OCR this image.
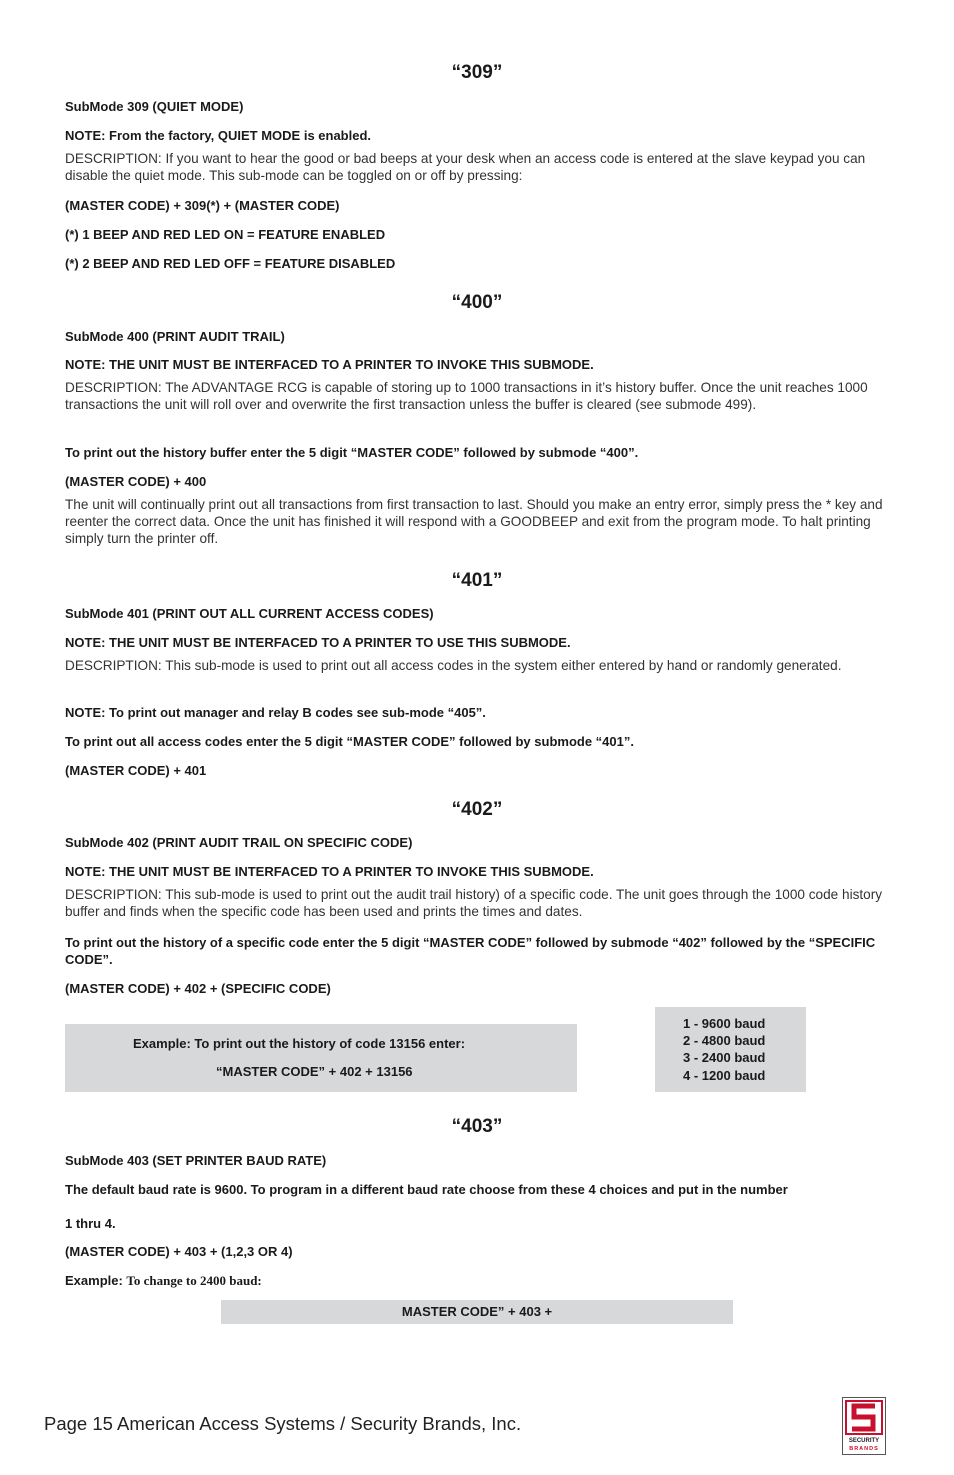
“309”

SubMode 309 (QUIET MODE)

NOTE: From the factory, QUIET MODE is enabled.

DESCRIPTION: If you want to hear the good or bad beeps at your desk when an access code is entered at the slave keypad you can disable the quiet mode. This sub-mode can be toggled on or off by pressing:

(MASTER CODE) + 309(*) + (MASTER CODE)

(*) 1 BEEP AND RED LED ON = FEATURE ENABLED

(*) 2 BEEP AND RED LED OFF = FEATURE DISABLED

“400”

SubMode 400 (PRINT AUDIT TRAIL)

NOTE: THE UNIT MUST BE INTERFACED TO A PRINTER TO INVOKE THIS SUBMODE.

DESCRIPTION: The ADVANTAGE RCG is capable of storing up to 1000 transactions in it’s history buffer. Once the unit reaches 1000 transactions the unit will roll over and overwrite the first transaction unless the buffer is cleared (see submode 499).

To print out the history buffer enter the 5 digit “MASTER CODE” followed by submode “400”.

(MASTER CODE) + 400

The unit will continually print out all transactions from first transaction to last. Should you make an entry error, simply press the * key and reenter the correct data. Once the unit has finished it will respond with a GOODBEEP and exit from the program mode. To halt printing simply turn the printer off.

“401”

SubMode 401 (PRINT OUT ALL CURRENT ACCESS CODES)

NOTE: THE UNIT MUST BE INTERFACED TO A PRINTER TO USE THIS SUBMODE.

DESCRIPTION: This sub-mode is used to print out all access codes in the system either entered by hand or randomly generated.

NOTE: To print out manager and relay B codes see sub-mode “405”.

To print out all access codes enter the 5 digit “MASTER CODE” followed by submode “401”.

(MASTER CODE) + 401

“402”

SubMode 402 (PRINT AUDIT TRAIL ON SPECIFIC CODE)

NOTE: THE UNIT MUST BE INTERFACED TO A PRINTER TO INVOKE THIS SUBMODE.

DESCRIPTION: This sub-mode is used to print out the audit trail history) of a specific code. The unit goes through the 1000 code history buffer and finds when the specific code has been used and prints the times and dates.

To print out the history of a specific code enter the 5 digit “MASTER CODE” followed by submode “402” followed by the “SPECIFIC CODE”.

(MASTER CODE) + 402 + (SPECIFIC CODE)

Example: To print out the history of code 13156 enter:
“MASTER CODE” + 402 + 13156
1 - 9600 baud
2 - 4800 baud
3 - 2400 baud
4 - 1200 baud

“403”

SubMode 403 (SET PRINTER BAUD RATE)

The default baud rate is 9600. To program in a different baud rate choose from these 4 choices and put in the number

1 thru 4.

(MASTER CODE) + 403 + (1,2,3 OR 4)

Example: To change to 2400 baud:

MASTER CODE” + 403 +

Page 15 American Access Systems / Security Brands, Inc.

SECURITY
BRANDS
